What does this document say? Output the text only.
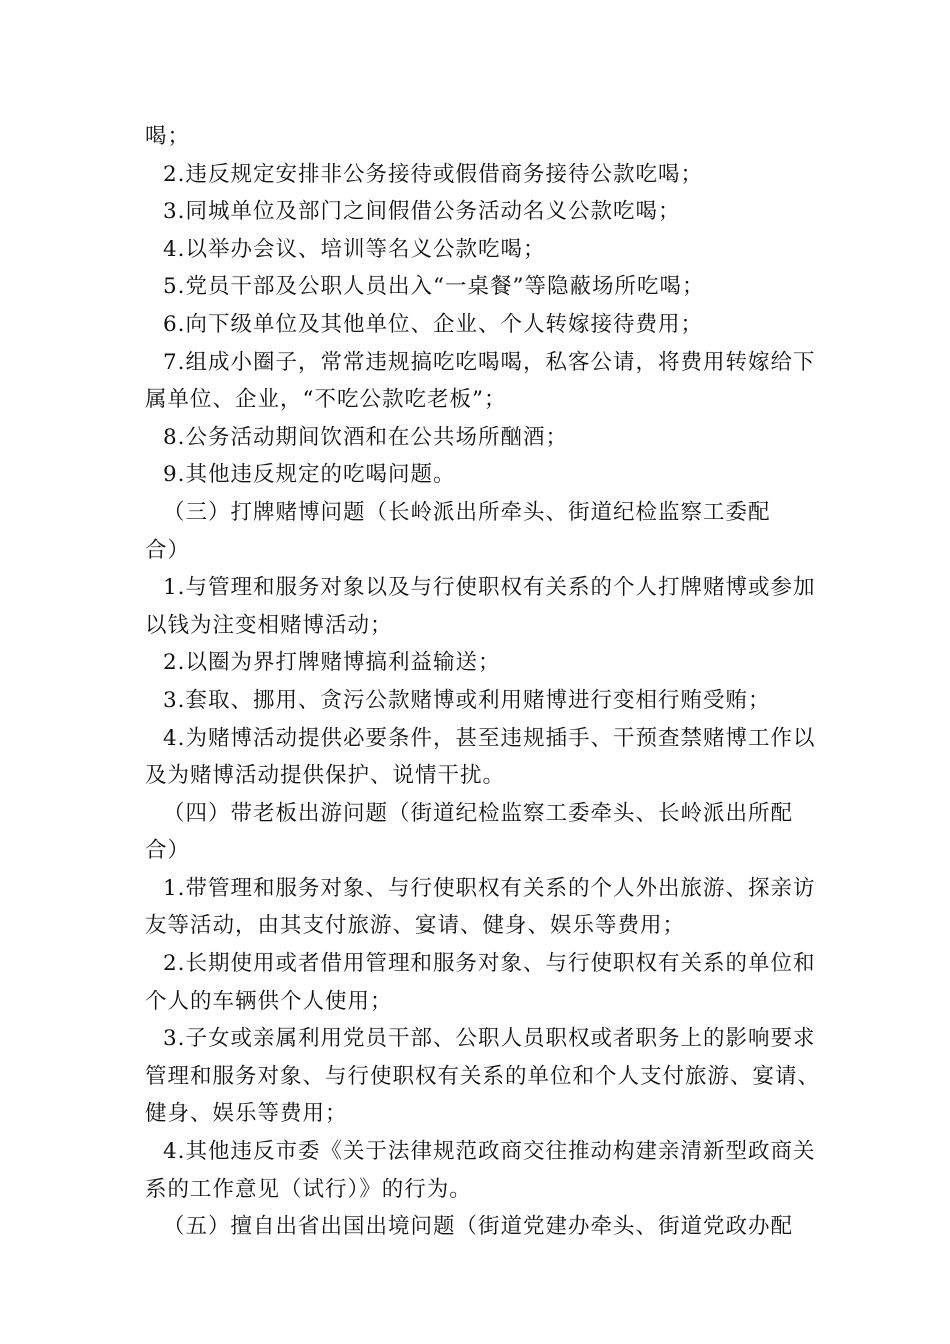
喝；
2.违反规定安排非公务接待或假借商务接待公款吃喝；
3.同城单位及部门之间假借公务活动名义公款吃喝；
4.以举办会议、培训等名义公款吃喝；
5.党员干部及公职人员出入“一桌餐”等隐蔽场所吃喝；
6.向下级单位及其他单位、企业、个人转嫁接待费用；
7.组成小圈子，常常违规搞吃吃喝喝，私客公请，将费用转嫁给下
属单位、企业，“不吃公款吃老板”；
8.公务活动期间饮酒和在公共场所酗酒；
9.其他违反规定的吃喝问题。
（三）打牌赌博问题（长岭派出所牵头、街道纪检监察工委配
合）
1.与管理和服务对象以及与行使职权有关系的个人打牌赌博或参加
以钱为注变相赌博活动；
2.以圈为界打牌赌博搞利益输送；
3.套取、挪用、贪污公款赌博或利用赌博进行变相行贿受贿；
4.为赌博活动提供必要条件，甚至违规插手、干预查禁赌博工作以
及为赌博活动提供保护、说情干扰。
（四）带老板出游问题（街道纪检监察工委牵头、长岭派出所配
合）
1.带管理和服务对象、与行使职权有关系的个人外出旅游、探亲访
友等活动，由其支付旅游、宴请、健身、娱乐等费用；
2.长期使用或者借用管理和服务对象、与行使职权有关系的单位和
个人的车辆供个人使用；
3.子女或亲属利用党员干部、公职人员职权或者职务上的影响要求
管理和服务对象、与行使职权有关系的单位和个人支付旅游、宴请、
健身、娱乐等费用；
4.其他违反市委《关于法律规范政商交往推动构建亲清新型政商关
系的工作意见（试行）》的行为。
（五）擅自出省出国出境问题（街道党建办牵头、街道党政办配
